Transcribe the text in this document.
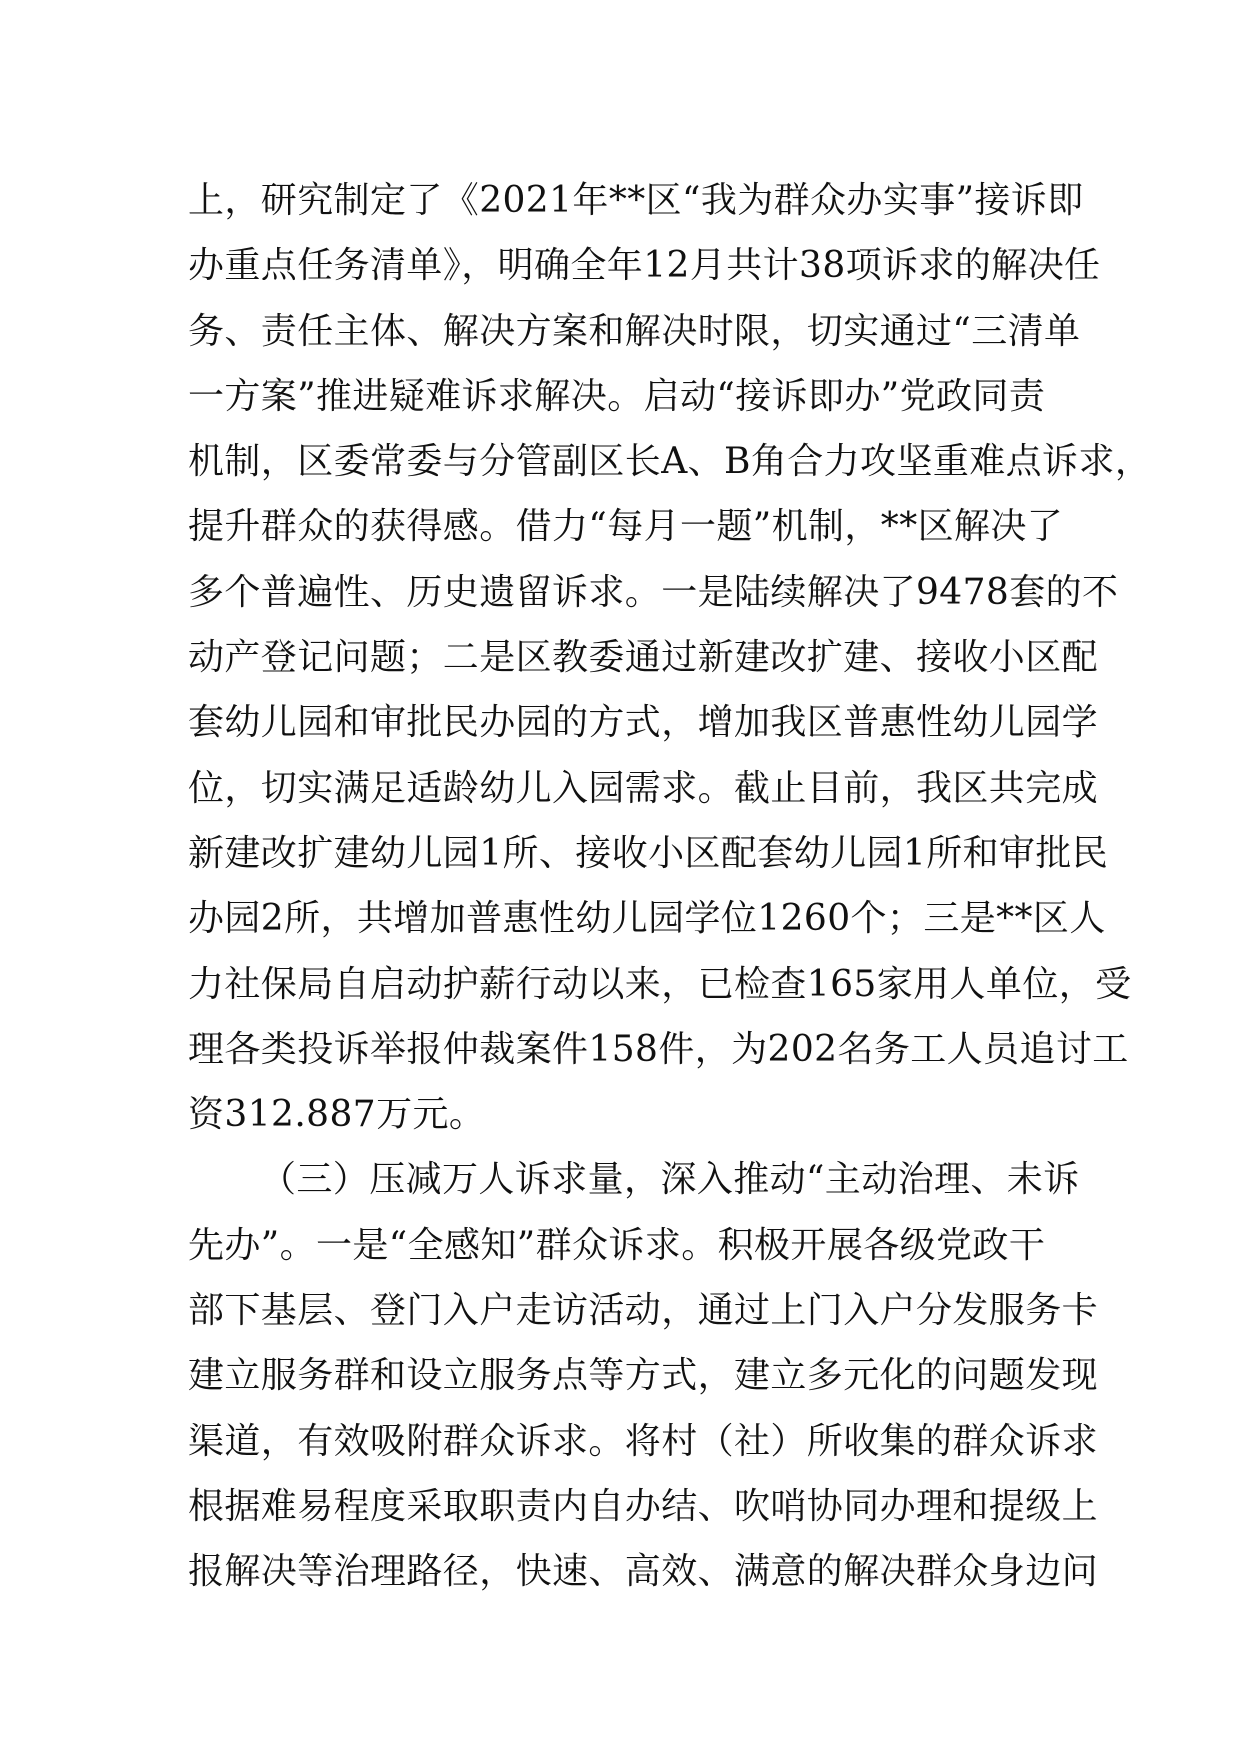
上，研究制定了《2021年**区“我为群众办实事”接诉即
办重点任务清单》，明确全年12月共计38项诉求的解决任
务、责任主体、解决方案和解决时限，切实通过“三清单
一方案”推进疑难诉求解决。启动“接诉即办”党政同责
机制，区委常委与分管副区长A、B角合力攻坚重难点诉求，
提升群众的获得感。借力“每月一题”机制，**区解决了
多个普遍性、历史遗留诉求。一是陆续解决了9478套的不
动产登记问题；二是区教委通过新建改扩建、接收小区配
套幼儿园和审批民办园的方式，增加我区普惠性幼儿园学
位，切实满足适龄幼儿入园需求。截止目前，我区共完成
新建改扩建幼儿园1所、接收小区配套幼儿园1所和审批民
办园2所，共增加普惠性幼儿园学位1260个；三是**区人
力社保局自启动护薪行动以来，已检查165家用人单位，受
理各类投诉举报仲裁案件158件，为202名务工人员追讨工
资312.887万元。
（三）压减万人诉求量，深入推动“主动治理、未诉
先办”。一是“全感知”群众诉求。积极开展各级党政干
部下基层、登门入户走访活动，通过上门入户分发服务卡
建立服务群和设立服务点等方式，建立多元化的问题发现
渠道，有效吸附群众诉求。将村（社）所收集的群众诉求
根据难易程度采取职责内自办结、吹哨协同办理和提级上
报解决等治理路径，快速、高效、满意的解决群众身边问
